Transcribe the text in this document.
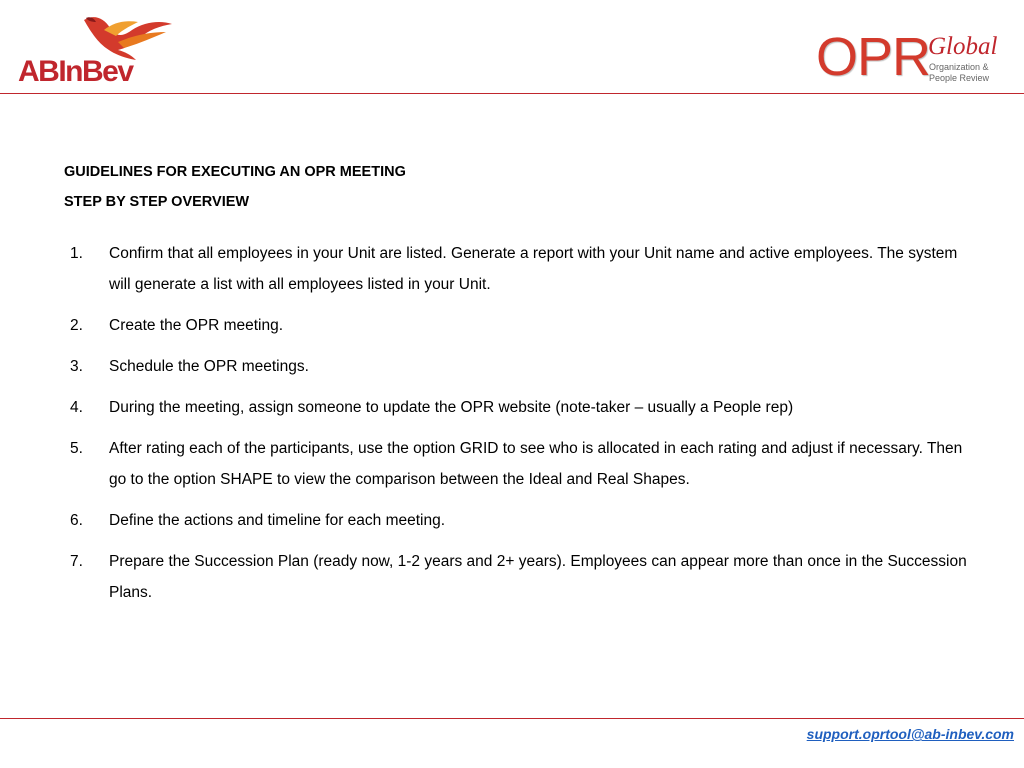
ABInBev	OPR
Global
Organization &
People Review
GUIDELINES FOR EXECUTING AN OPR MEETING
STEP BY STEP OVERVIEW
1. Confirm that all employees in your Unit are listed. Generate a report with your Unit name and active employees. The system will generate a list with all employees listed in your Unit.
2. Create the OPR meeting.
3. Schedule the OPR meetings.
4. During the meeting, assign someone to update the OPR website (note-taker – usually a People rep)
5. After rating each of the participants, use the option GRID to see who is allocated in each rating and adjust if necessary. Then go to the option SHAPE to view the comparison between the Ideal and Real Shapes.
6. Define the actions and timeline for each meeting.
7. Prepare the Succession Plan (ready now, 1-2 years and 2+ years). Employees can appear more than once in the Succession Plans.
support.oprtool@ab-inbev.com
